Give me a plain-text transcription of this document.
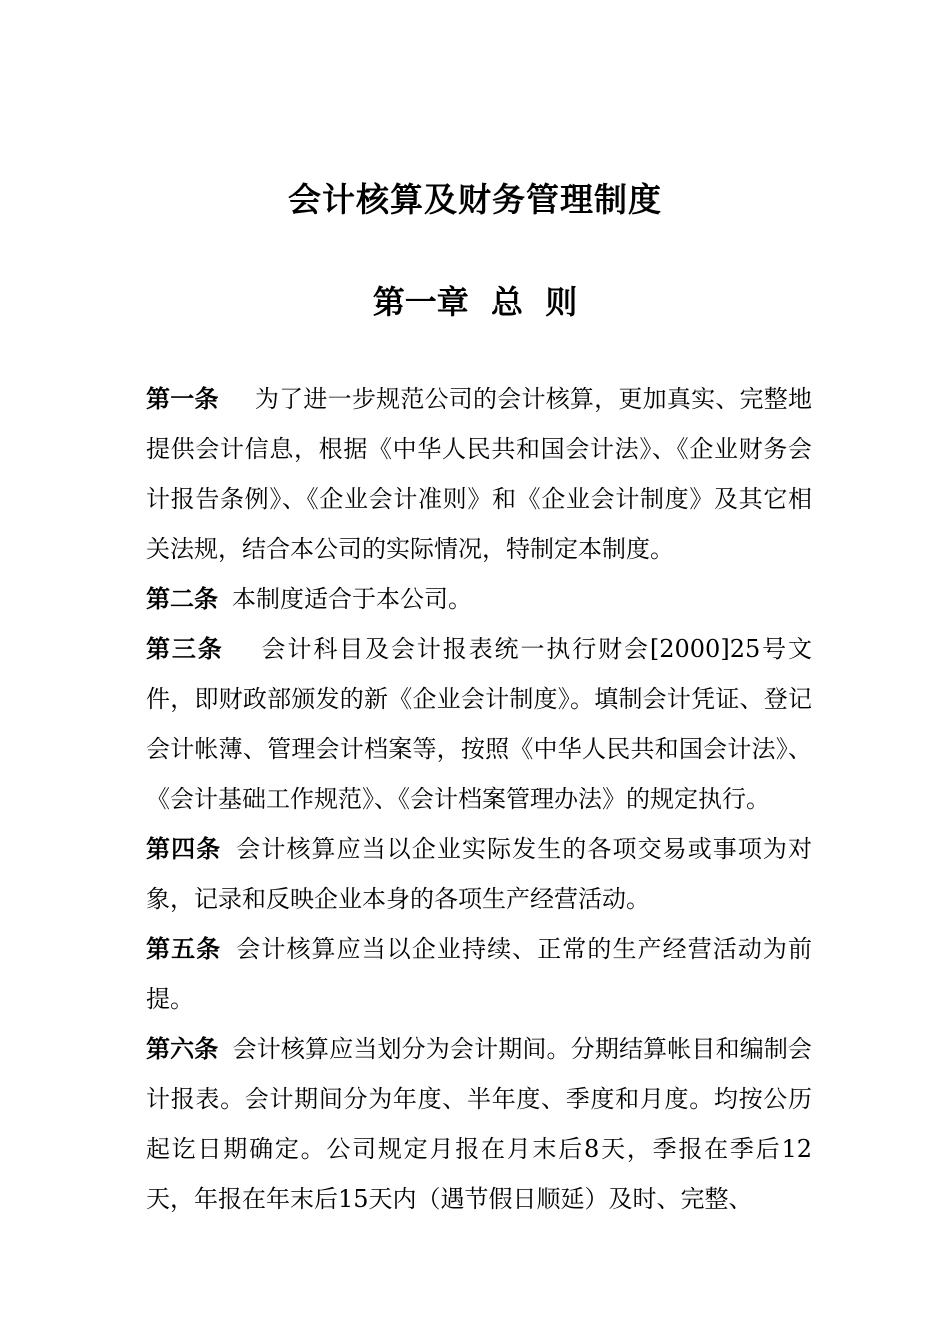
会计核算及财务管理制度
第一章  总  则

第一条 为了进一步规范公司的会计核算，更加真实、完整地提供会计信息，根据《中华人民共和国会计法》、《企业财务会计报告条例》、《企业会计准则》和《企业会计制度》及其它相关法规，结合本公司的实际情况，特制定本制度。

第二条 本制度适合于本公司。

第三条 会计科目及会计报表统一执行财会[2000]25号文件，即财政部颁发的新《企业会计制度》。填制会计凭证、登记会计帐薄、管理会计档案等，按照《中华人民共和国会计法》、《会计基础工作规范》、《会计档案管理办法》的规定执行。

第四条 会计核算应当以企业实际发生的各项交易或事项为对象，记录和反映企业本身的各项生产经营活动。

第五条 会计核算应当以企业持续、正常的生产经营活动为前提。

第六条 会计核算应当划分为会计期间。分期结算帐目和编制会计报表。会计期间分为年度、半年度、季度和月度。均按公历起讫日期确定。公司规定月报在月末后8天，季报在季后12天，年报在年末后15天内（遇节假日顺延）及时、完整、
